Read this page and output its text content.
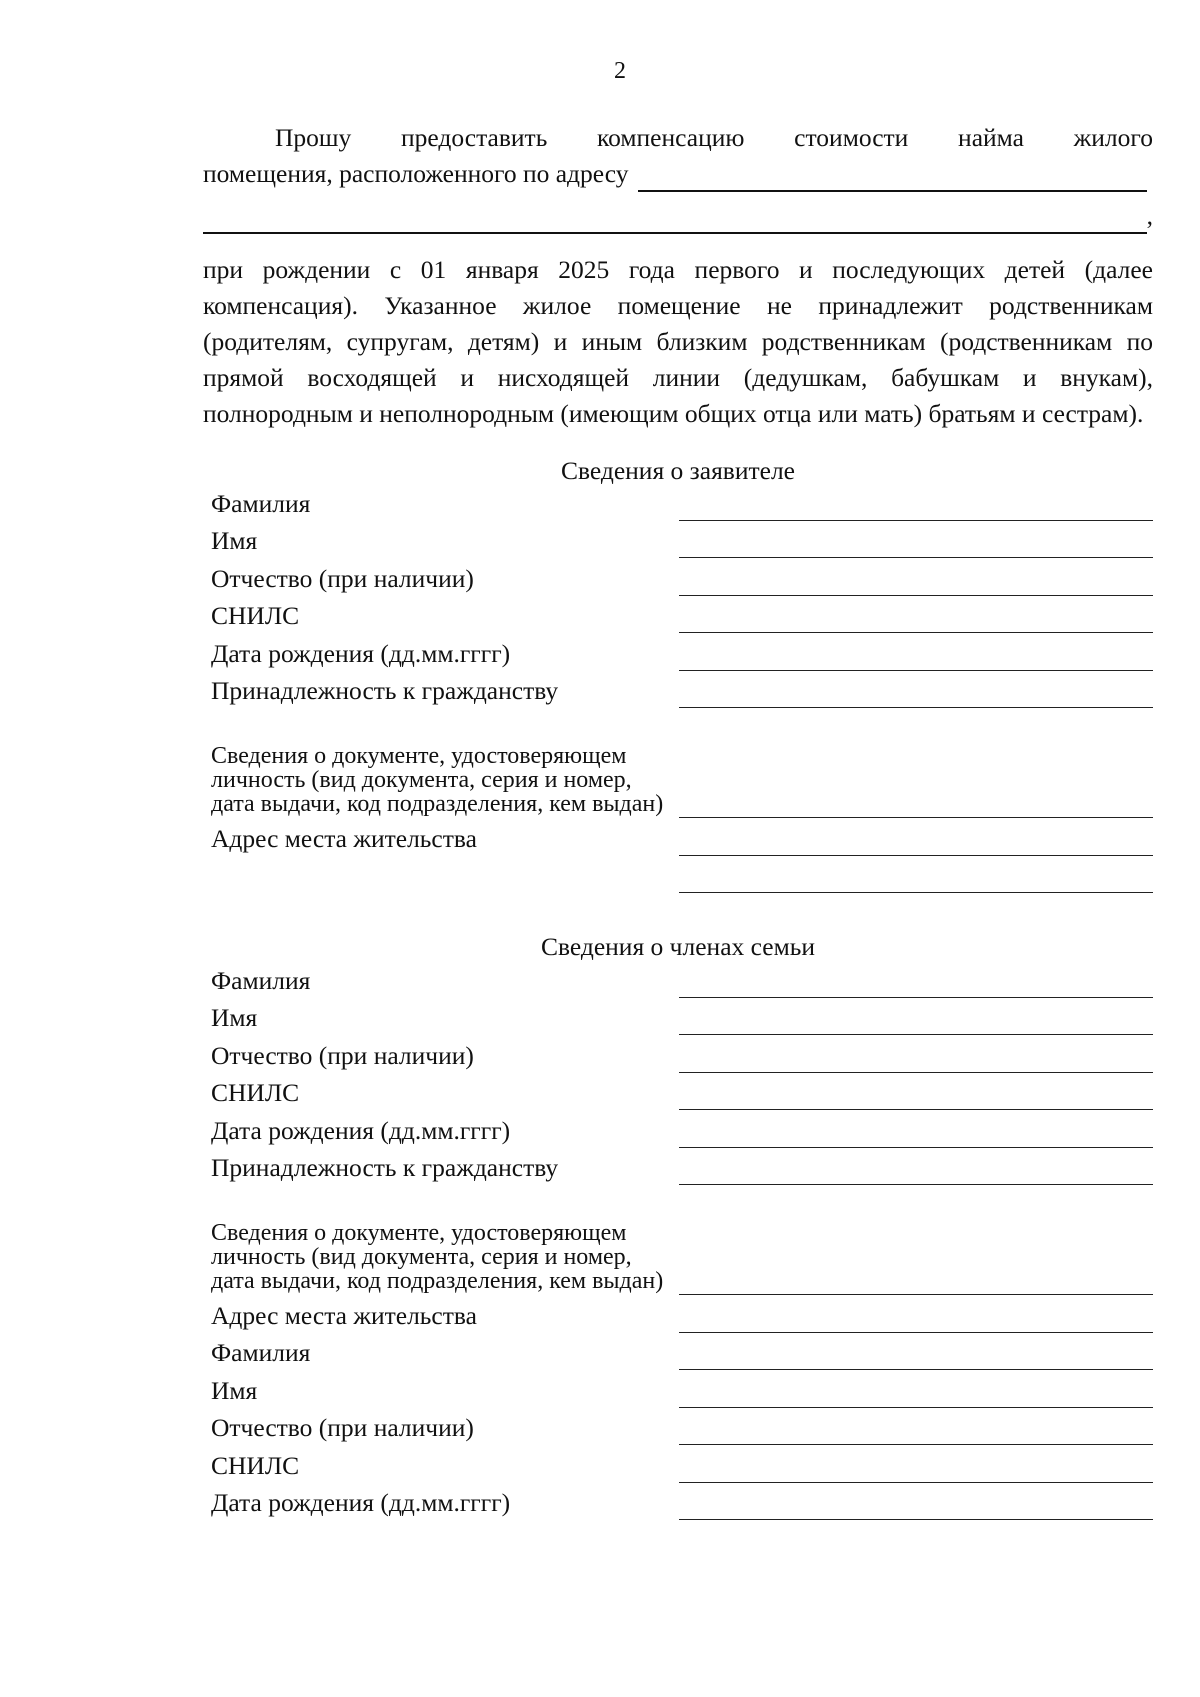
2
Прошу предоставить компенсацию стоимости найма жилого
помещения, расположенного по адресу
,
при рождении с 01 января 2025 года первого и последующих детей (далее компенсация). Указанное жилое помещение не принадлежит родственникам (родителям, супругам, детям) и иным близким родственникам (родственникам по прямой восходящей и нисходящей линии (дедушкам, бабушкам и внукам), полнородным и неполнородным (имеющим общих отца или мать) братьям и сестрам).
Сведения о заявителе
Фамилия
Имя
Отчество (при наличии)
СНИЛС
Дата рождения (дд.мм.гггг)
Принадлежность к гражданству
Сведения о документе, удостоверяющем личность (вид документа, серия и номер, дата выдачи, код подразделения, кем выдан)
Адрес места жительства
Сведения о членах семьи
Фамилия
Имя
Отчество (при наличии)
СНИЛС
Дата рождения (дд.мм.гггг)
Принадлежность к гражданству
Сведения о документе, удостоверяющем личность (вид документа, серия и номер, дата выдачи, код подразделения, кем выдан)
Адрес места жительства
Фамилия
Имя
Отчество (при наличии)
СНИЛС
Дата рождения (дд.мм.гггг)
